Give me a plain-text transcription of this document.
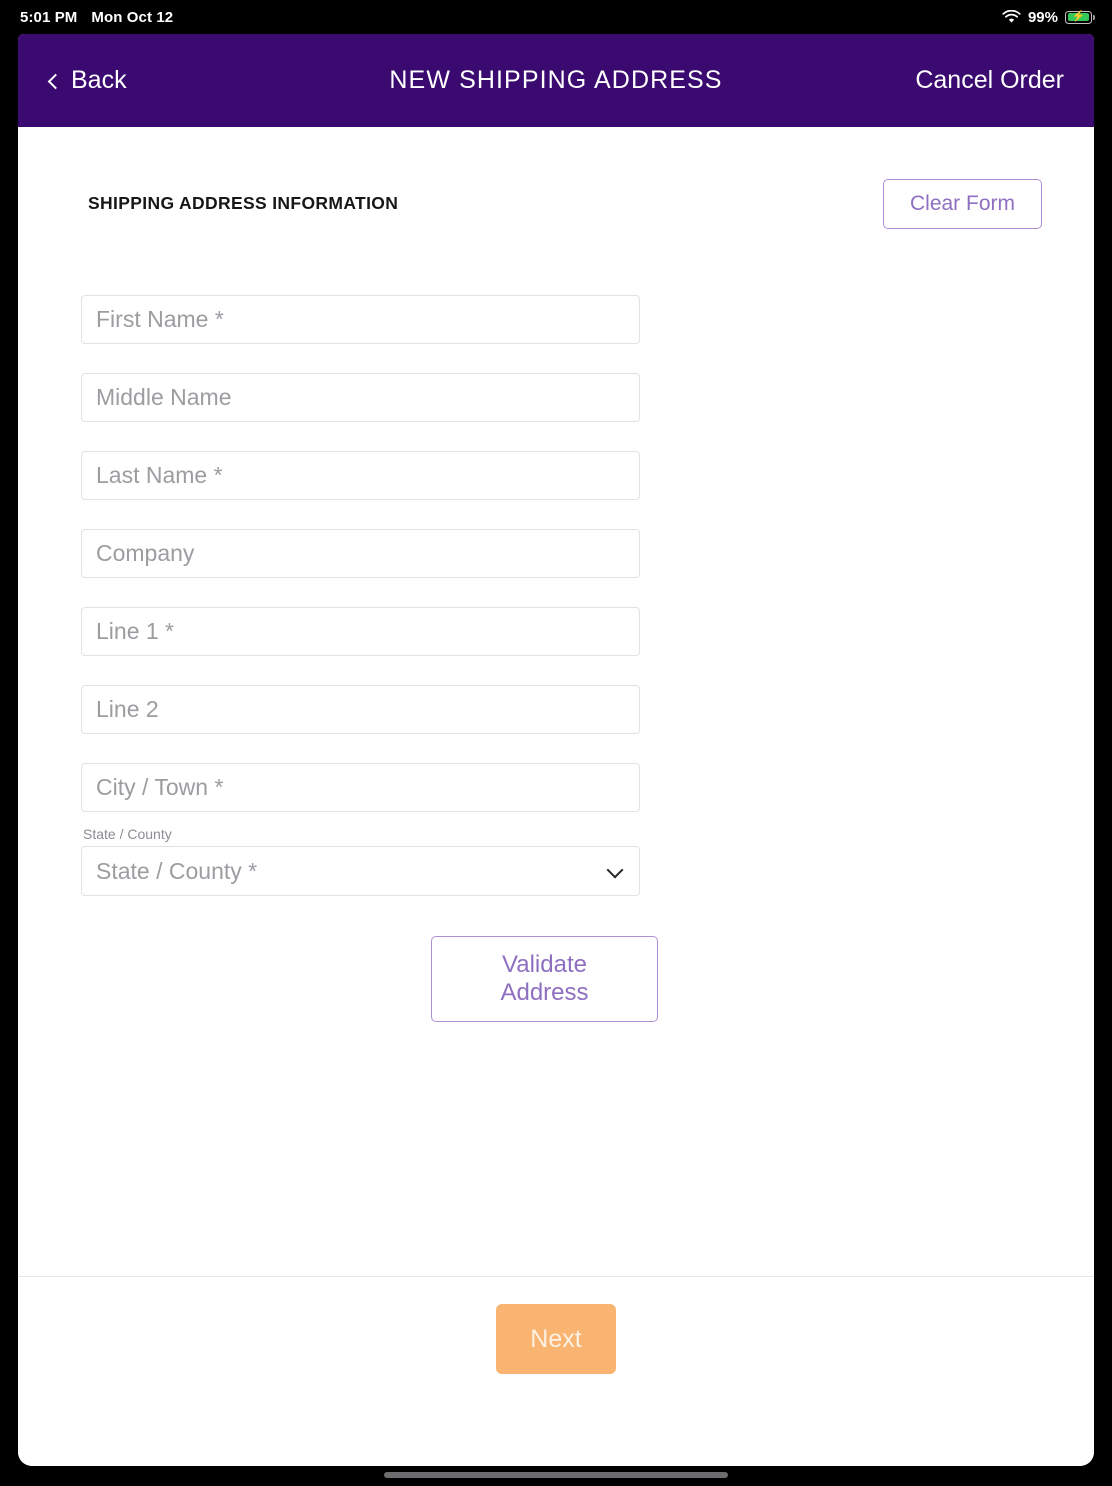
5:01 PM Mon Oct 12	99% ⚡
Back	NEW SHIPPING ADDRESS	Cancel Order
SHIPPING ADDRESS INFORMATION	Clear Form
First Name *
Middle Name
Last Name *
Company
Line 1 *
Line 2
City / Town *
State / County
State / County *
Validate Address
Next
